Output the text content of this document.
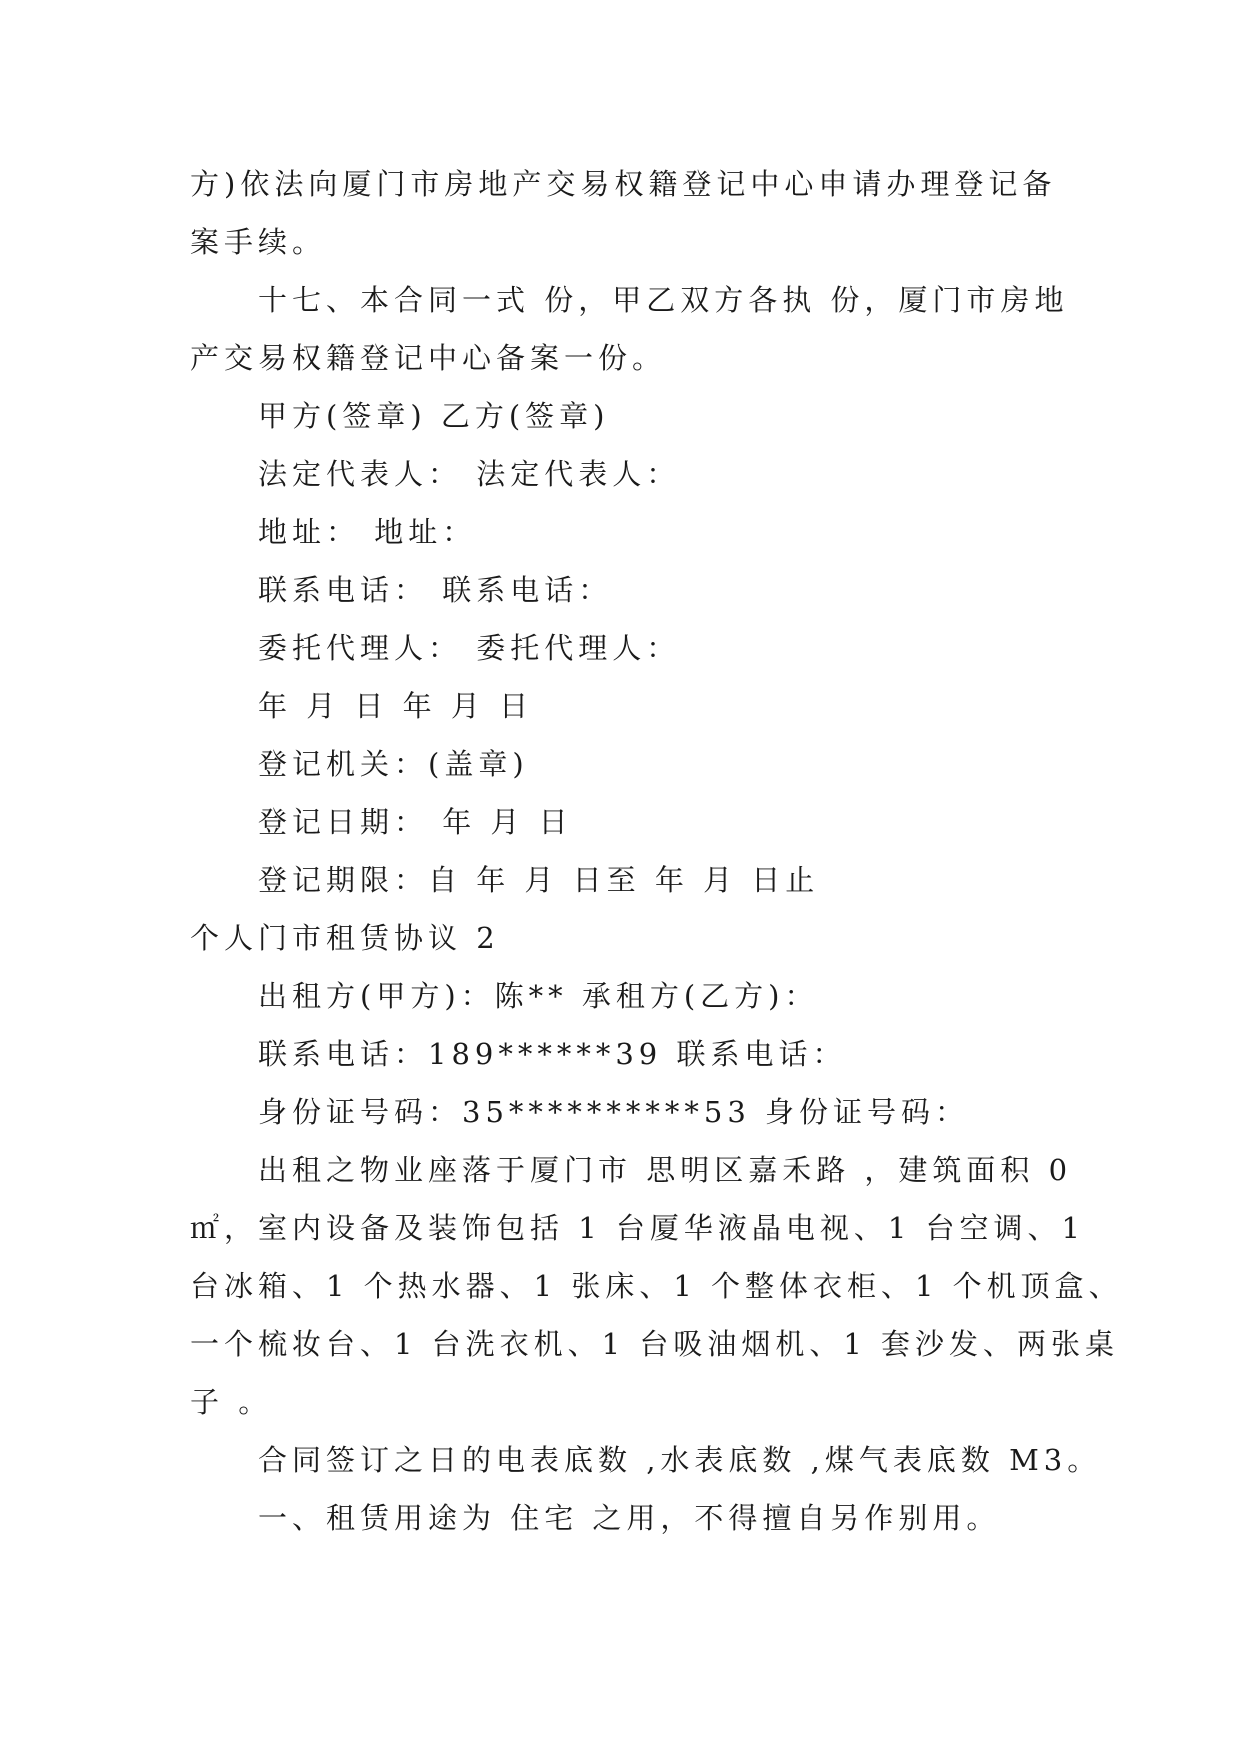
方)依法向厦门市房地产交易权籍登记中心申请办理登记备

案手续。

十七、本合同一式 份，甲乙双方各执 份，厦门市房地

产交易权籍登记中心备案一份。

甲方(签章) 乙方(签章)

法定代表人： 法定代表人：

地址： 地址：

联系电话： 联系电话：

委托代理人： 委托代理人：

年 月 日 年 月 日

登记机关：(盖章)

登记日期： 年 月 日

登记期限：自 年 月 日至 年 月 日止

个人门市租赁协议 2

出租方(甲方)：陈** 承租方(乙方)：

联系电话：189******39 联系电话：

身份证号码：35**********53 身份证号码：

出租之物业座落于厦门市 思明区嘉禾路 ，建筑面积 0

㎡，室内设备及装饰包括 1 台厦华液晶电视、1 台空调、1

台冰箱、1 个热水器、1 张床、1 个整体衣柜、1 个机顶盒、

一个梳妆台、1 台洗衣机、1 台吸油烟机、1 套沙发、两张桌

子 。

合同签订之日的电表底数 ,水表底数 ,煤气表底数 M3。

一、租赁用途为 住宅 之用，不得擅自另作别用。
